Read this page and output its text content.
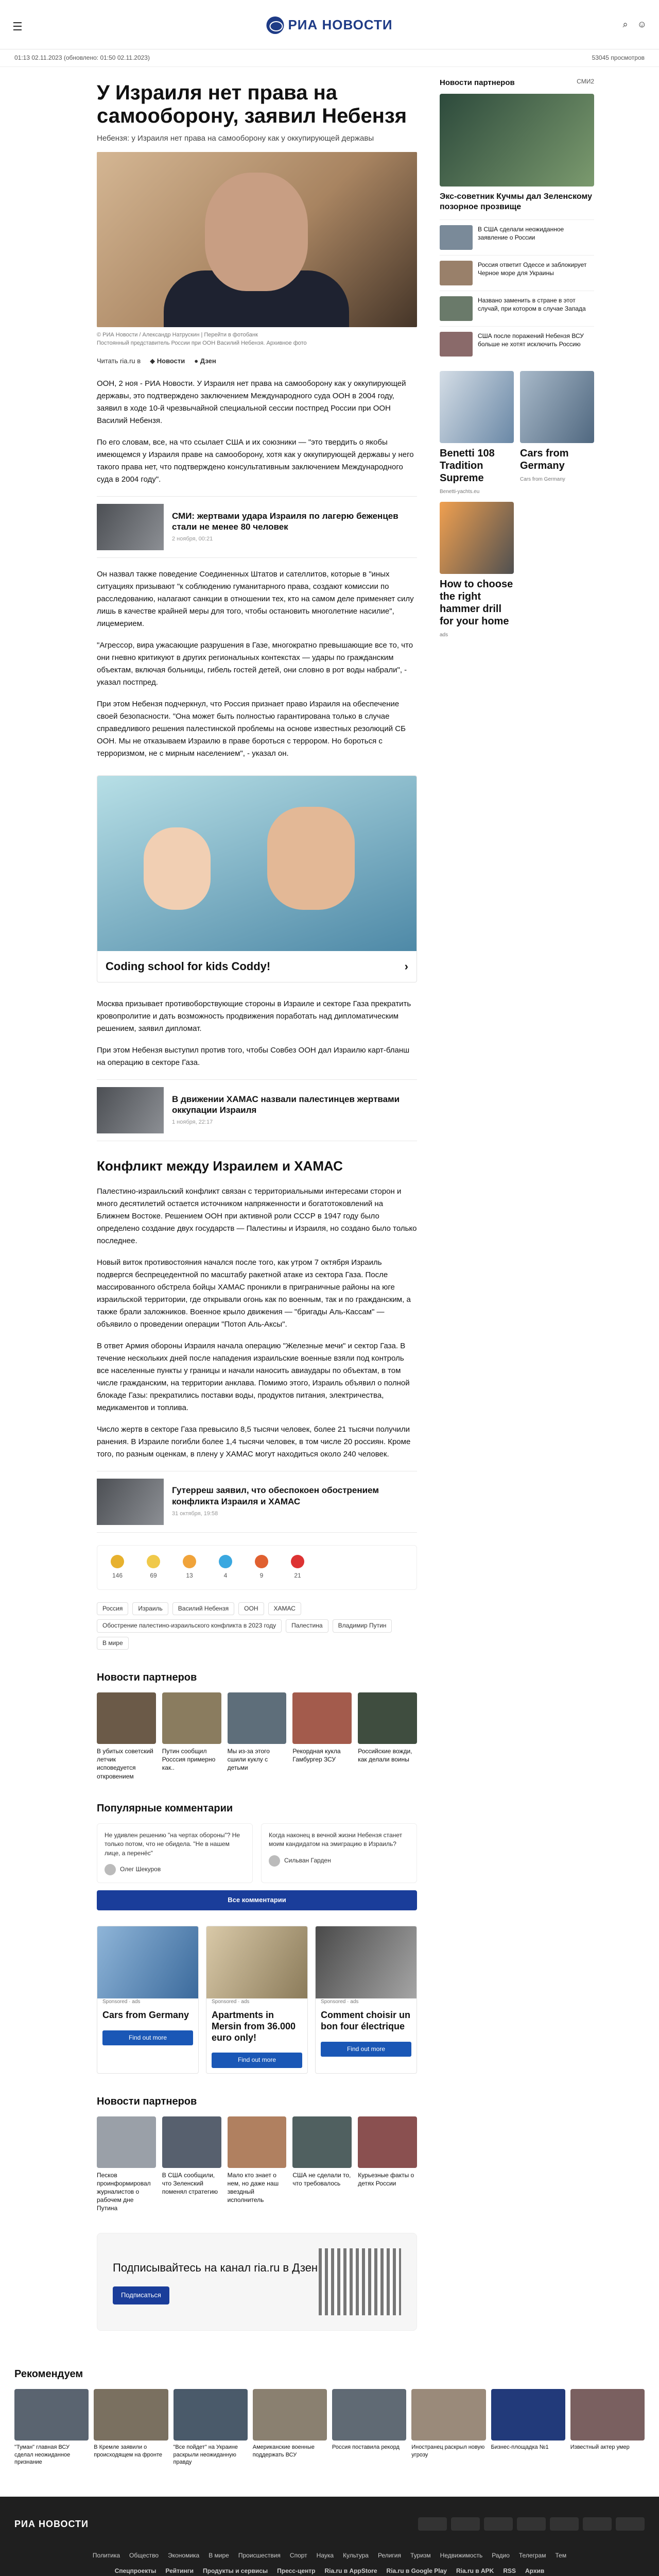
☰	РИА НОВОСТИ	⌕ ☺
01:13 02.11.2023 (обновлено: 01:50 02.11.2023)	53045 просмотров
У Израиля нет права на самооборону, заявил Небензя
Небензя: у Израиля нет права на самооборону как у оккупирующей державы
© РИА Новости / Александр Натрускин | Перейти в фотобанк
Постоянный представитель России при ООН Василий Небензя. Архивное фото
Читать ria.ru в ◆ Новости ● Дзен

ООН, 2 ноя - РИА Новости. У Израиля нет права на самооборону как у оккупирующей державы, это подтверждено заключением Международного суда ООН в 2004 году, заявил в ходе 10-й чрезвычайной специальной сессии постпред России при ООН Василий Небензя.

По его словам, все, на что ссылает США и их союзники — "это твердить о якобы имеющемся у Израиля праве на самооборону, хотя как у оккупирующей державы у него такого права нет, что подтверждено консультативным заключением Международного суда в 2004 году".

СМИ: жертвами удара Израиля по лагерю беженцев стали не менее 80 человек
2 ноября, 00:21

Он назвал также поведение Соединенных Штатов и сателлитов, которые в "иных ситуациях призывают "к соблюдению гуманитарного права, создают комиссии по расследованию, налагают санкции в отношении тех, кто на самом деле применяет силу лишь в качестве крайней меры для того, чтобы остановить многолетние насилие", лицемерием.

"Агрессор, вира ужасающие разрушения в Газе, многократно превышающие все то, что они гневно критикуют в других региональных контекстах — удары по гражданским объектам, включая больницы, гибель гостей детей, они словно в рот воды набрали", - указал постпред.

При этом Небензя подчеркнул, что Россия признает право Израиля на обеспечение своей безопасности. "Она может быть полностью гарантирована только в случае справедливого решения палестинской проблемы на основе известных резолюций СБ ООН. Мы не отказываем Израилю в праве бороться с террором. Но бороться с терроризмом, не с мирным населением", - указал он.

Coding school for kids Coddy!	›

Москва призывает противоборствующие стороны в Израиле и секторе Газа прекратить кровопролитие и дать возможность продвижения поработать над дипломатическим решением, заявил дипломат.

При этом Небензя выступил против того, чтобы Совбез ООН дал Израилю карт-бланш на операцию в секторе Газа.

В движении ХАМАС назвали палестинцев жертвами оккупации Израиля
1 ноября, 22:17
Конфликт между Израилем и ХАМАС

Палестино-израильский конфликт связан с территориальными интересами сторон и много десятилетий остается источником напряженности и богатотоковлений на Ближнем Востоке. Решением ООН при активной роли СССР в 1947 году было определено создание двух государств — Палестины и Израиля, но создано было только последнее.

Новый виток противостояния начался после того, как утром 7 октября Израиль подвергся беспрецедентной по масштабу ракетной атаке из сектора Газа. После массированного обстрела бойцы ХАМАС проникли в приграничные районы на юге израильской территории, где открывали огонь как по военным, так и по гражданским, а также брали заложников. Военное крыло движения — "бригады Аль-Кассам" — объявило о проведении операции "Потоп Аль-Аксы".

В ответ Армия обороны Израиля начала операцию "Железные мечи" и сектор Газа. В течение нескольких дней после нападения израильские военные взяли под контроль все населенные пункты у границы и начали наносить авиаудары по объектам, в том числе гражданским, на территории анклава. Помимо этого, Израиль объявил о полной блокаде Газы: прекратились поставки воды, продуктов питания, электричества, медикаментов и топлива.

Число жертв в секторе Газа превысило 8,5 тысячи человек, более 21 тысячи получили ранения. В Израиле погибли более 1,4 тысячи человек, в том числе 20 россиян. Кроме того, по разным оценкам, в плену у ХАМАС могут находиться около 240 человек.

Гутерреш заявил, что обеспокоен обострением конфликта Израиля и ХАМАС
31 октября, 19:58
146	69	13	4	9	21
Россия	Израиль	Василий Небензя	ООН	ХАМАС
Обострение палестино-израильского конфликта в 2023 году	Палестина	Владимир Путин
В мире
Новости партнеров
В убитых советский летчик исповедуется откровением
Путин сообщил Росссия примерно как..
Мы из-за этого сшили куклу с детьми
Рекордная кукла Гамбургер ЗСУ
Российские вожди, как делали воины
Популярные комментарии
Не удивлен решению "на чертах обороны"? Не только потом, что не обидела. "Не в нашем лице, а перенёс"
Олег Шекуров
Когда наконец в вечной жизни Небензя станет моим кандидатом на эмиграцию в Израиль?
Сильван Гарден
Все комментарии
Sponsored · ads
Cars from Germany
Find out more
Sponsored · ads
Apartments in Mersin from 36.000 euro only!
Find out more
Sponsored · ads
Comment choisir un bon four électrique
Find out more
Новости партнеров
Песков проинформировал журналистов о рабочем дне Путина
В США сообщили, что Зеленский поменял стратегию
Мало кто знает о нем, но даже наш звездный исполнитель
США не сделали то, что требовалось
Курьезные факты о детях России
Подписывайтесь на канал ria.ru в Дзен
Подписаться
Новости партнеров	СМИ2
Экс-советник Кучмы дал Зеленскому позорное прозвище
В США сделали неожиданное заявление о России
Россия ответит Одессе и заблокирует Черное море для Украины
Названо заменить в стране в этот случай, при котором в случае Запада
США после поражений Небензя ВСУ больше не хотят исключить Россию
Benetti 108 Tradition Supreme
Benetti-yachts.eu
Cars from Germany
Cars from Germany
How to choose the right hammer drill for your home
ads
Рекомендуем
"Туман" главная ВСУ сделал неожиданное признание
В Кремле заявили о происходящем на фронте
"Все пойдет" на Украине раскрыли неожиданную правду
Американские военные поддержать ВСУ
Россия поставила рекорд	Иностранец раскрыл новую угрозу
Бизнес-площадка №1	Известный актер умер
РИА НОВОСТИ
Политика Общество Экономика В мире Происшествия Спорт Наука Культура Религия Туризм Недвижимость Радио Телеграм Тем
Спецпроекты Рейтинги Продукты и сервисы Пресс-центр Ria.ru в AppStore Ria.ru в Google Play Ria.ru в APK RSS Архив
